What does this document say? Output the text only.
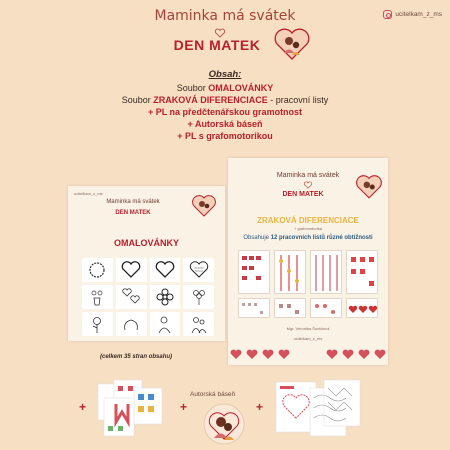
Maminka má svátek	ucitelkam_z_ms
DEN MATEK
Obsah:
Soubor OMALOVÁNKY
Soubor ZRAKOVÁ DIFERENCIACE - pracovní listy
+ PL na předčtenářskou gramotnost
+ Autorská báseň
+ PL s grafomotorikou
ucitelkam_z_ms
Maminka má svátek
DEN MATEK
OMALOVÁNKY
Maminka má svátek
DEN MATEK
ZRAKOVÁ DIFERENCIACE
+ grafomotorika
Obsahuje 12 pracovních listů různé obtížnosti
Mgr. Veronika Šuráňová
ucitelkam_z_ms
(celkem 35 stran obsahu)
+	+
Autorská báseň
+
